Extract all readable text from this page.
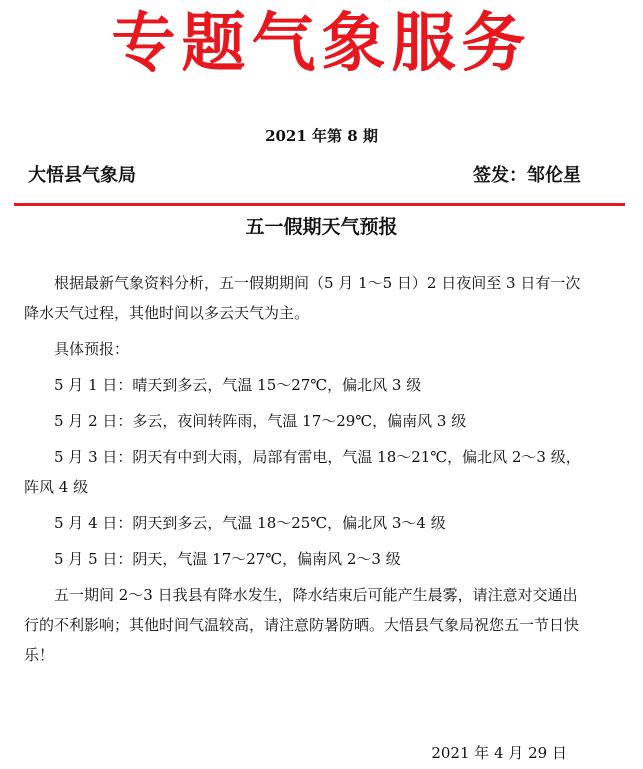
专题气象服务
2021 年第 8 期
大悟县气象局	签发：邹伦星
五一假期天气预报

根据最新气象资料分析，五一假期期间（5 月 1～5 日）2 日夜间至 3 日有一次降水天气过程，其他时间以多云天气为主。

具体预报：

5 月 1 日：晴天到多云，气温 15～27℃，偏北风 3 级

5 月 2 日：多云，夜间转阵雨，气温 17～29℃，偏南风 3 级

5 月 3 日：阴天有中到大雨，局部有雷电，气温 18～21℃，偏北风 2～3 级，阵风 4 级

5 月 4 日：阴天到多云，气温 18～25℃，偏北风 3～4 级

5 月 5 日：阴天，气温 17～27℃，偏南风 2～3 级

五一期间 2～3 日我县有降水发生，降水结束后可能产生晨雾，请注意对交通出行的不利影响；其他时间气温较高，请注意防暑防晒。大悟县气象局祝您五一节日快乐！

2021 年 4 月 29 日
